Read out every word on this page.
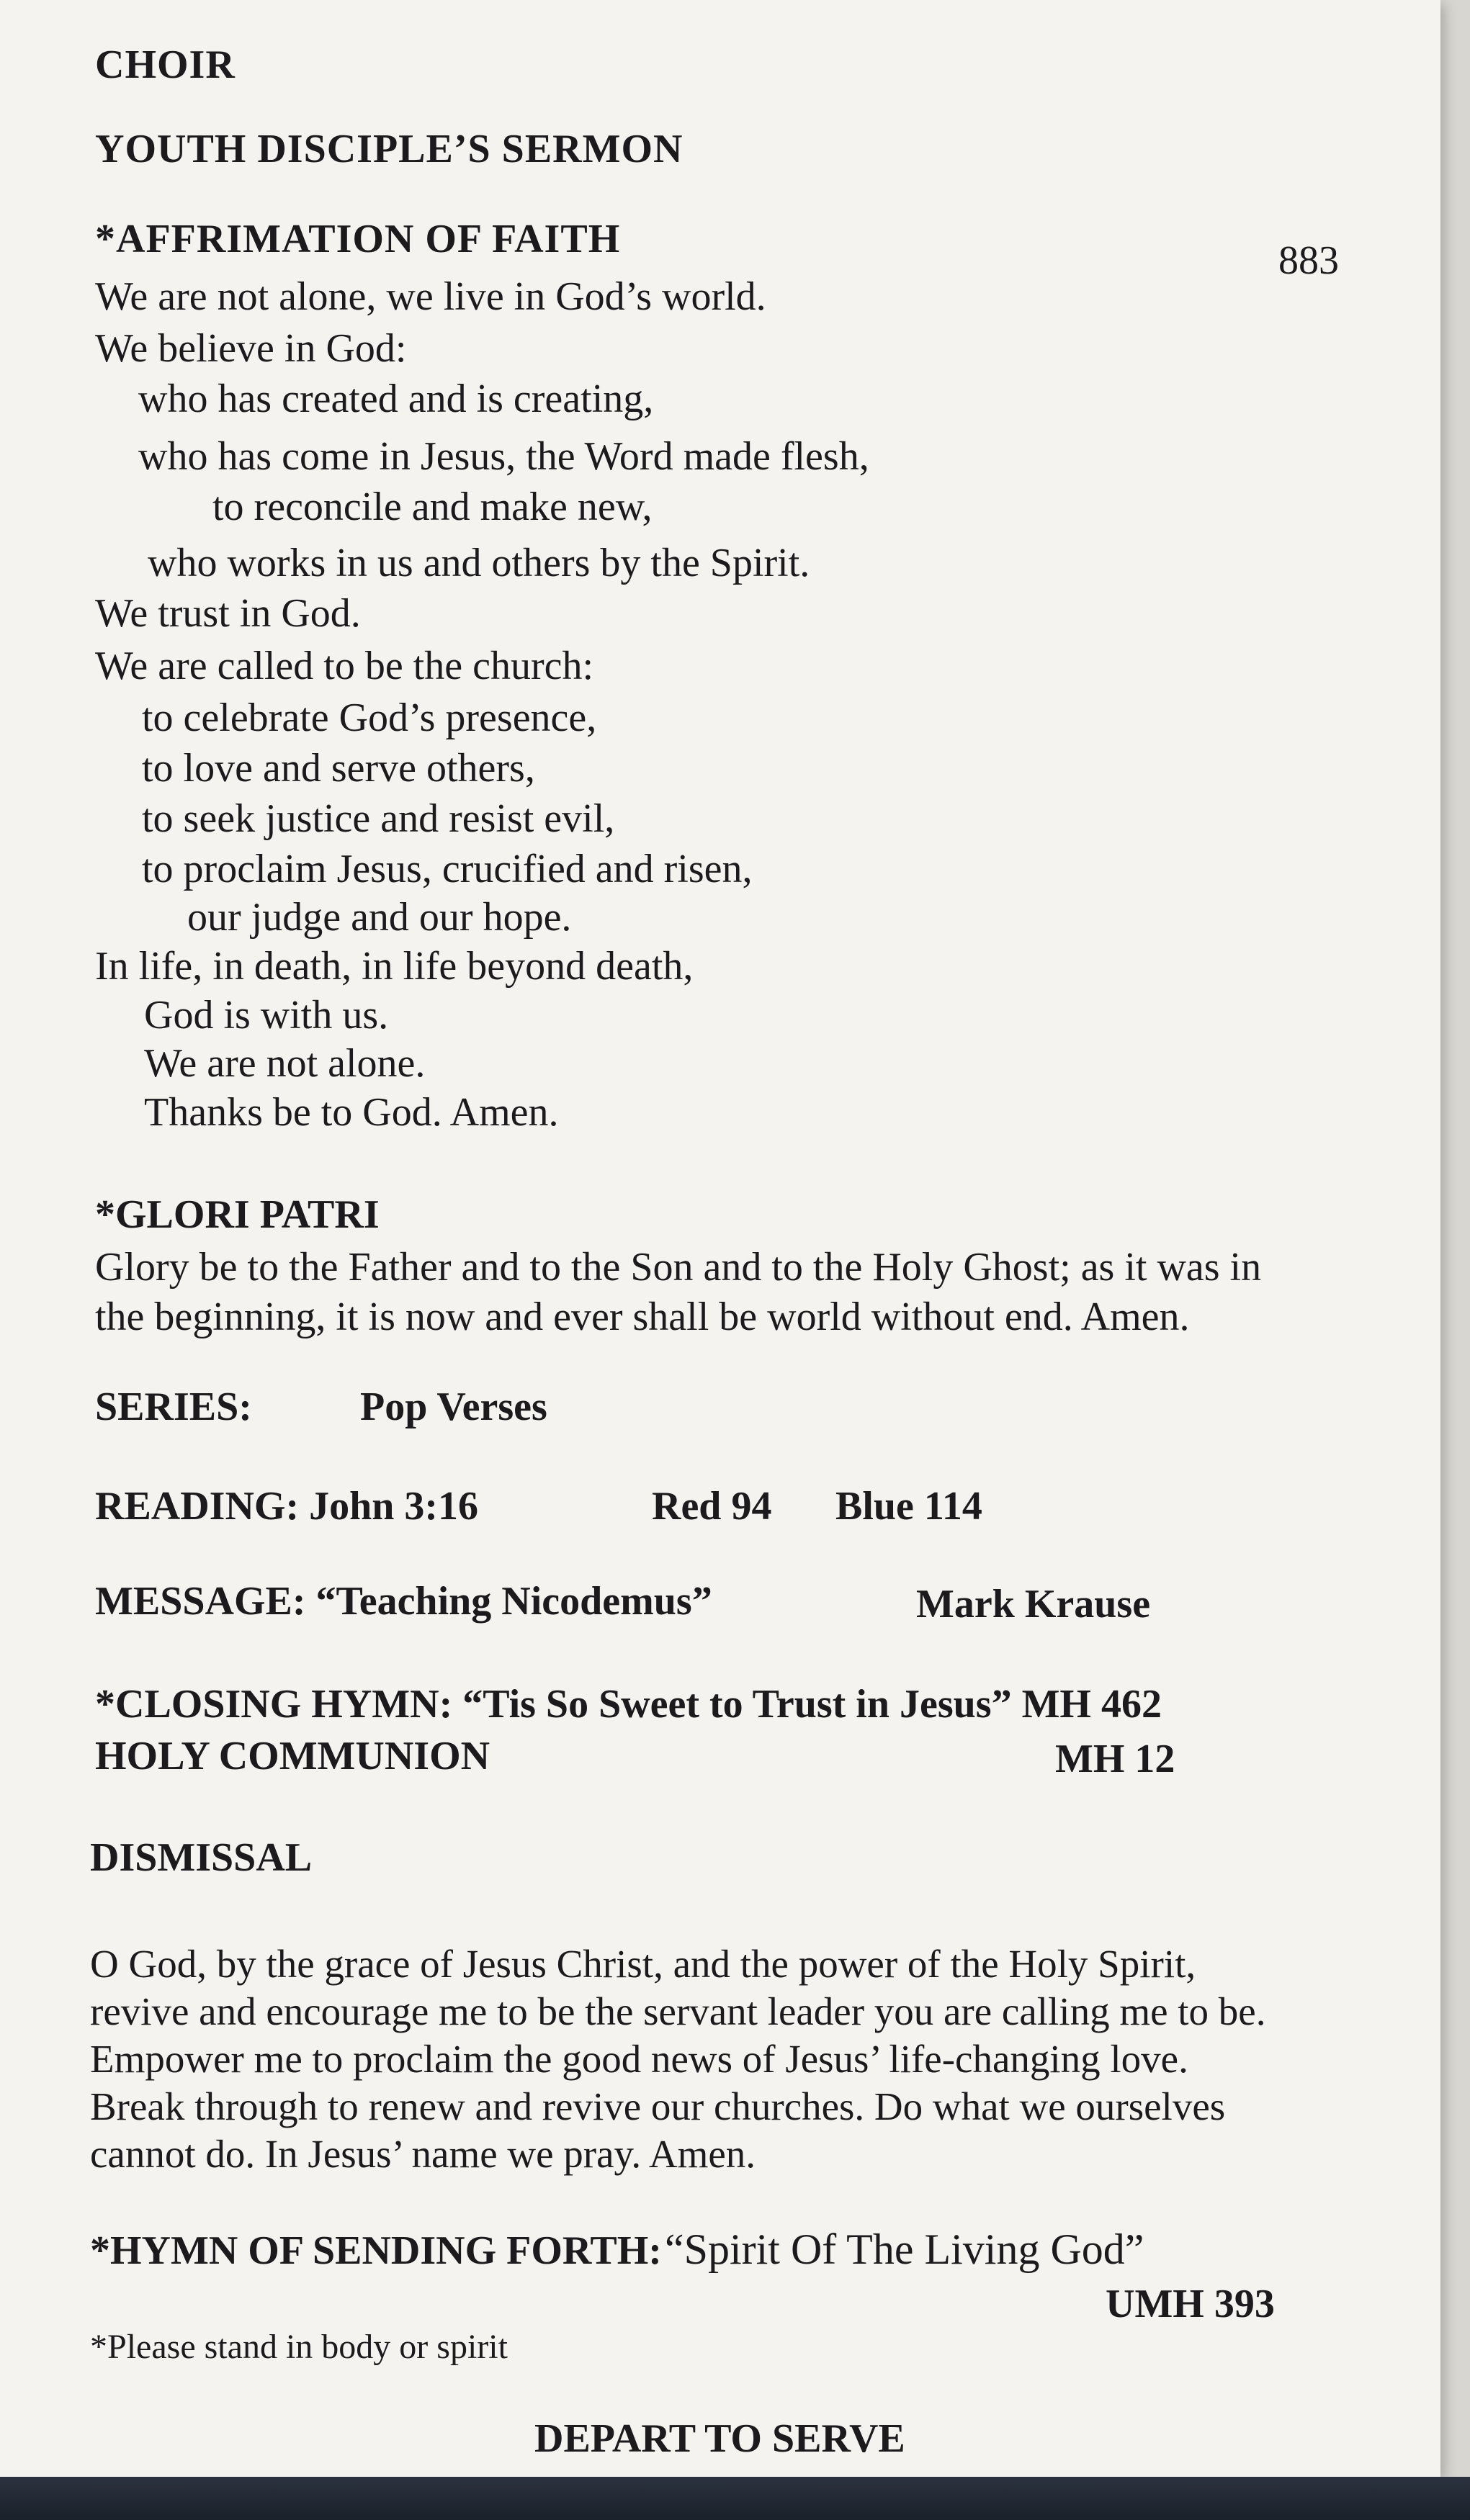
CHOIR
YOUTH DISCIPLE’S SERMON
*AFFRIMATION OF FAITH	883
We are not alone, we live in God’s world.
We believe in God:
who has created and is creating,
who has come in Jesus, the Word made flesh,
to reconcile and make new,
who works in us and others by the Spirit.
We trust in God.
We are called to be the church:
to celebrate God’s presence,
to love and serve others,
to seek justice and resist evil,
to proclaim Jesus, crucified and risen,
our judge and our hope.
In life, in death, in life beyond death,
God is with us.
We are not alone.
Thanks be to God. Amen.
*GLORI PATRI
Glory be to the Father and to the Son and to the Holy Ghost; as it was in
the beginning, it is now and ever shall be world without end. Amen.
SERIES:	Pop Verses
READING: John 3:16	Red 94 Blue 114
MESSAGE: “Teaching Nicodemus”	Mark Krause
*CLOSING HYMN: “Tis So Sweet to Trust in Jesus” MH 462
HOLY COMMUNION	MH 12
DISMISSAL
O God, by the grace of Jesus Christ, and the power of the Holy Spirit,
revive and encourage me to be the servant leader you are calling me to be.
Empower me to proclaim the good news of Jesus’ life-changing love.
Break through to renew and revive our churches. Do what we ourselves
cannot do. In Jesus’ name we pray. Amen.
*HYMN OF SENDING FORTH: “Spirit Of The Living God”
UMH 393
*Please stand in body or spirit
DEPART TO SERVE
